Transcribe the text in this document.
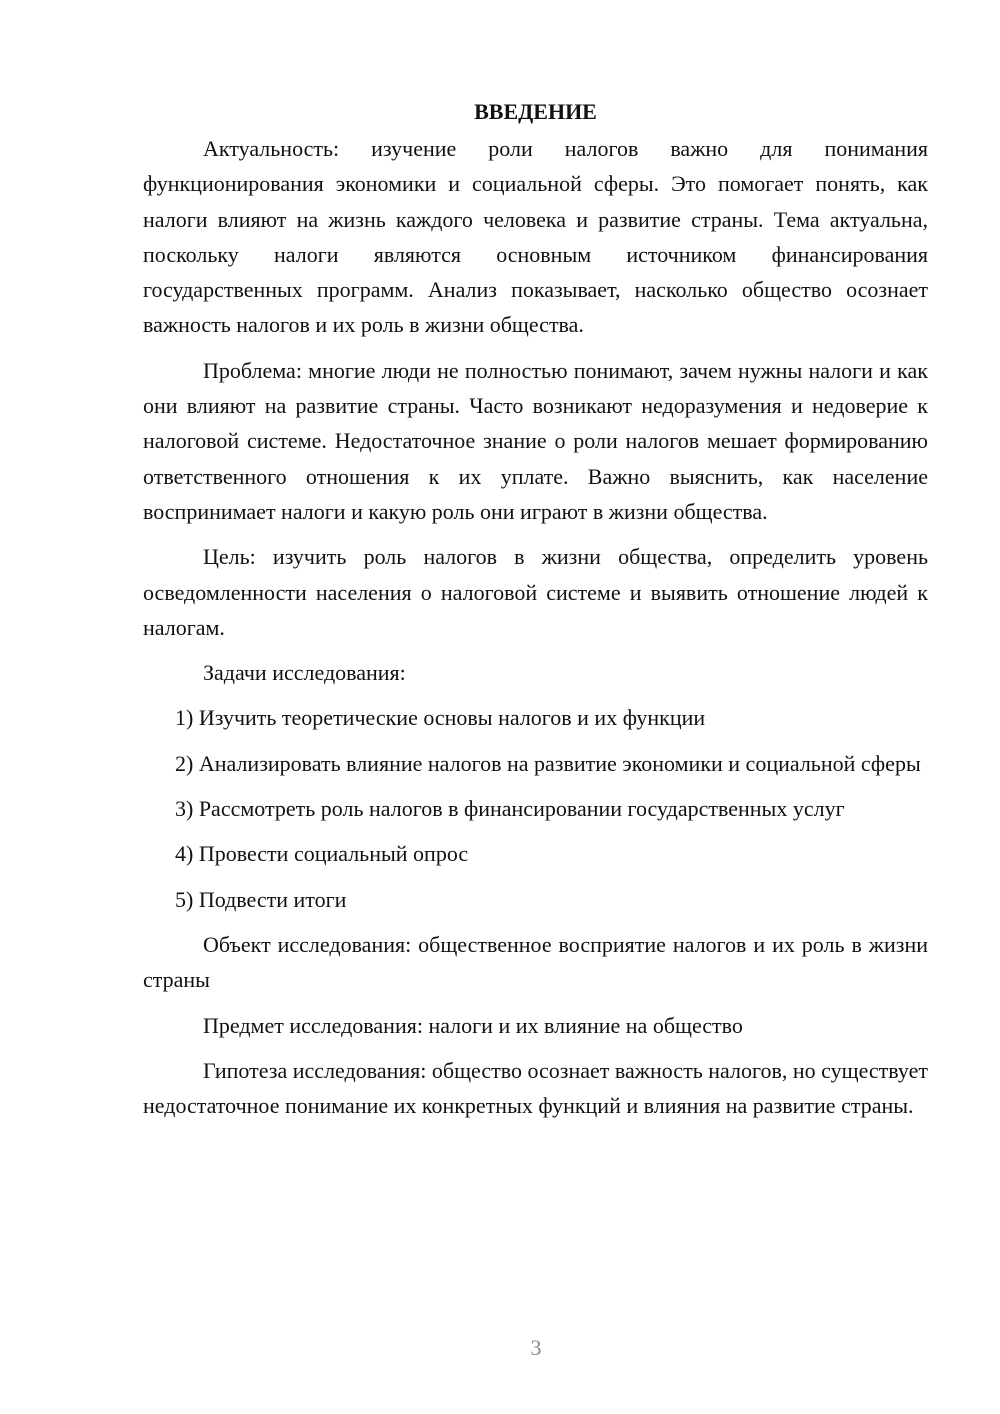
ВВЕДЕНИЕ

Актуальность: изучение роли налогов важно для понимания функционирования экономики и социальной сферы. Это помогает понять, как налоги влияют на жизнь каждого человека и развитие страны. Тема актуальна, поскольку налоги являются основным источником финансирования государственных программ. Анализ показывает, насколько общество осознает важность налогов и их роль в жизни общества.

Проблема: многие люди не полностью понимают, зачем нужны налоги и как они влияют на развитие страны. Часто возникают недоразумения и недоверие к налоговой системе. Недостаточное знание о роли налогов мешает формированию ответственного отношения к их уплате. Важно выяснить, как население воспринимает налоги и какую роль они играют в жизни общества.

Цель: изучить роль налогов в жизни общества, определить уровень осведомленности населения о налоговой системе и выявить отношение людей к налогам.

Задачи исследования:

1) Изучить теоретические основы налогов и их функции

2) Анализировать влияние налогов на развитие экономики и социальной сферы

3) Рассмотреть роль налогов в финансировании государственных услуг

4) Провести социальный опрос

5) Подвести итоги

Объект исследования: общественное восприятие налогов и их роль в жизни страны

Предмет исследования: налоги и их влияние на общество

Гипотеза исследования: общество осознает важность налогов, но существует недостаточное понимание их конкретных функций и влияния на развитие страны.

3
